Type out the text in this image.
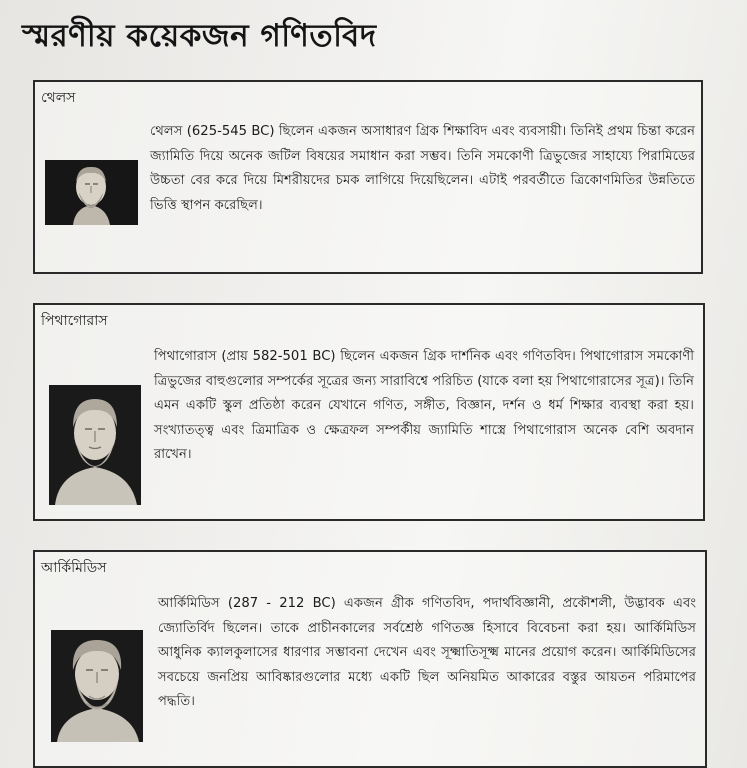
স্মরণীয় কয়েকজন গণিতবিদ
থেলস
থেলস (625-545 BC) ছিলেন একজন অসাধারণ গ্রিক শিক্ষাবিদ এবং ব্যবসায়ী। তিনিই প্রথম চিন্তা করেন জ্যামিতি দিয়ে অনেক জটিল বিষয়ের সমাধান করা সম্ভব। তিনি সমকোণী ত্রিভুজের সাহায্যে পিরামিডের উচ্চতা বের করে দিয়ে মিশরীয়দের চমক লাগিয়ে দিয়েছিলেন। এটাই পরবর্তীতে ত্রিকোণমিতির উন্নতিতে ভিত্তি স্থাপন করেছিল।
পিথাগোরাস
পিথাগোরাস (প্রায় 582-501 BC) ছিলেন একজন গ্রিক দার্শনিক এবং গণিতবিদ। পিথাগোরাস সমকোণী ত্রিভুজের বাহুগুলোর সম্পর্কের সূত্রের জন্য সারাবিশ্বে পরিচিত (যাকে বলা হয় পিথাগোরাসের সূত্র)। তিনি এমন একটি স্কুল প্রতিষ্ঠা করেন যেখানে গণিত, সঙ্গীত, বিজ্ঞান, দর্শন ও ধর্ম শিক্ষার ব্যবস্থা করা হয়। সংখ্যাতত্ত্ব এবং ত্রিমাত্রিক ও ক্ষেত্রফল সম্পর্কীয় জ্যামিতি শাস্ত্রে পিথাগোরাস অনেক বেশি অবদান রাখেন।
আর্কিমিডিস
আর্কিমিডিস (287 - 212 BC) একজন গ্রীক গণিতবিদ, পদার্থবিজ্ঞানী, প্রকৌশলী, উদ্ভাবক এবং জ্যোতির্বিদ ছিলেন। তাকে প্রাচীনকালের সর্বশ্রেষ্ঠ গণিতজ্ঞ হিসাবে বিবেচনা করা হয়। আর্কিমিডিস আধুনিক ক্যালকুলাসের ধারণার সম্ভাবনা দেখেন এবং সূক্ষ্মাতিসূক্ষ্ম মানের প্রয়োগ করেন। আর্কিমিডিসের সবচেয়ে জনপ্রিয় আবিষ্কারগুলোর মধ্যে একটি ছিল অনিয়মিত আকারের বস্তুর আয়তন পরিমাপের পদ্ধতি।
